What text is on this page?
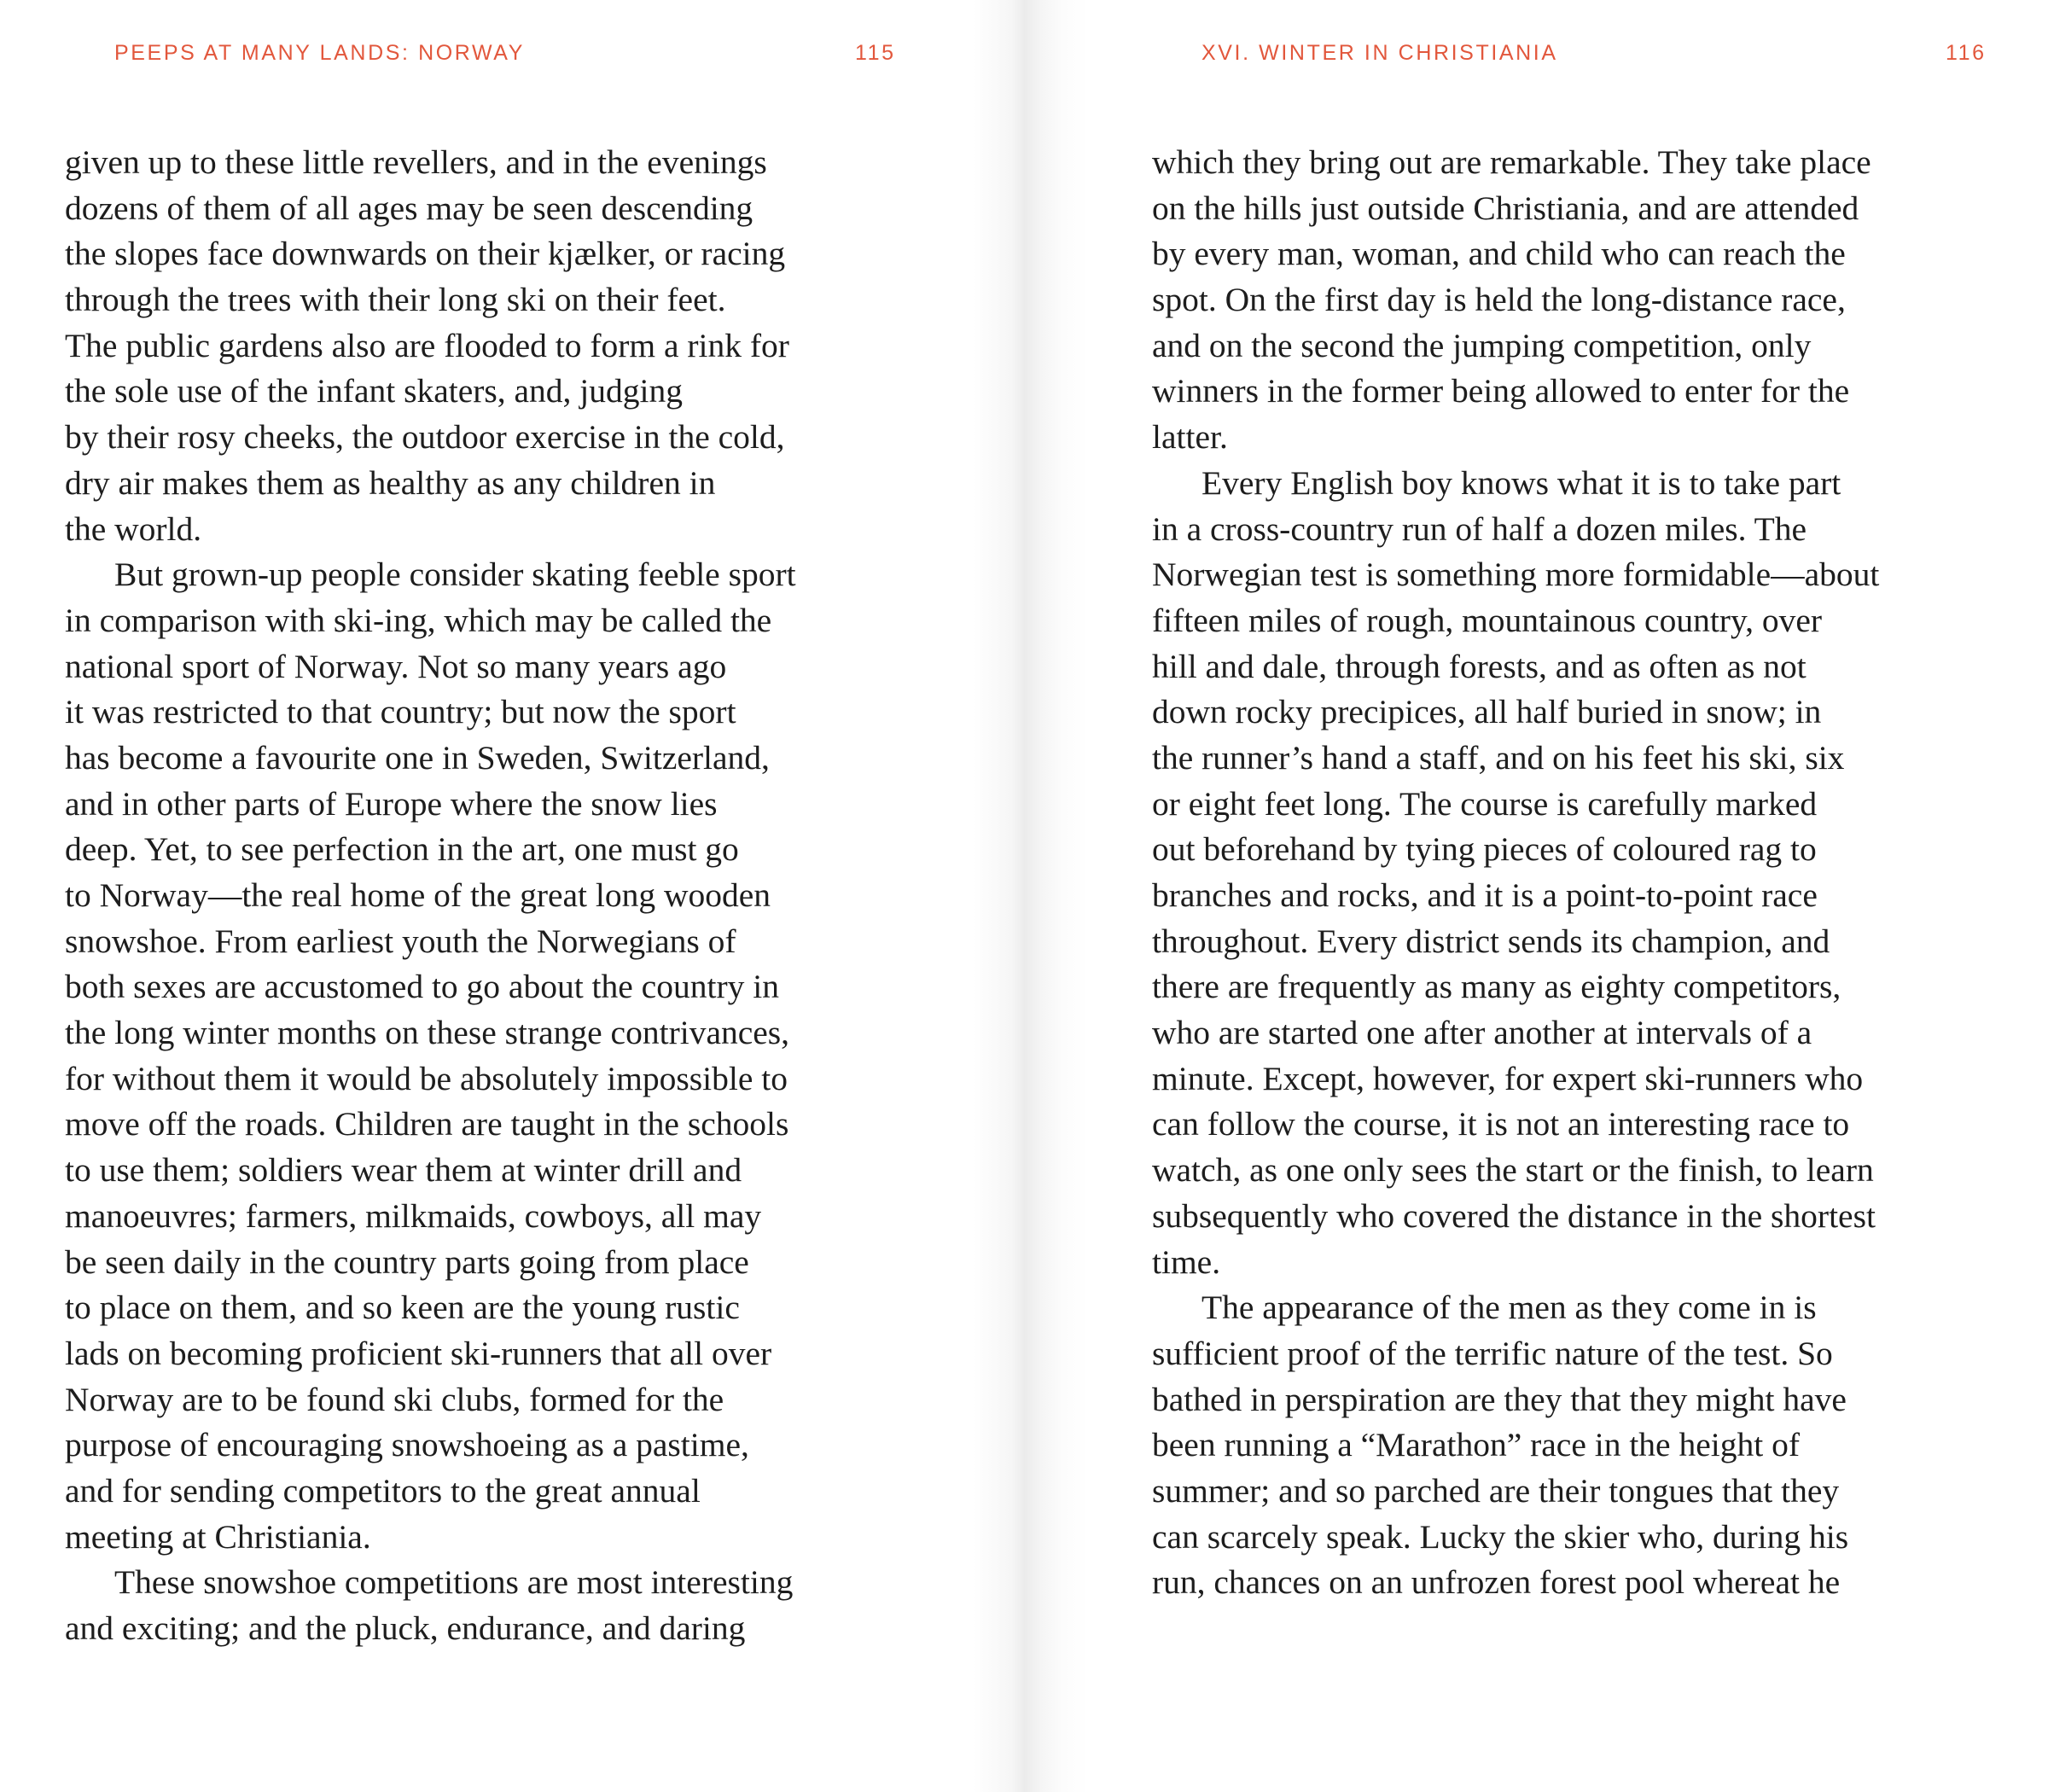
PEEPS AT MANY LANDS: NORWAY	115
given up to these little revellers, and in the evenings
dozens of them of all ages may be seen descending
the slopes face downwards on their kjælker, or racing
through the trees with their long ski on their feet.
The public gardens also are flooded to form a rink for
the sole use of the infant skaters, and, judging
by their rosy cheeks, the outdoor exercise in the cold,
dry air makes them as healthy as any children in
the world.
But grown-up people consider skating feeble sport
in comparison with ski-ing, which may be called the
national sport of Norway. Not so many years ago
it was restricted to that country; but now the sport
has become a favourite one in Sweden, Switzerland,
and in other parts of Europe where the snow lies
deep. Yet, to see perfection in the art, one must go
to Norway—the real home of the great long wooden
snowshoe. From earliest youth the Norwegians of
both sexes are accustomed to go about the country in
the long winter months on these strange contrivances,
for without them it would be absolutely impossible to
move off the roads. Children are taught in the schools
to use them; soldiers wear them at winter drill and
manoeuvres; farmers, milkmaids, cowboys, all may
be seen daily in the country parts going from place
to place on them, and so keen are the young rustic
lads on becoming proficient ski-runners that all over
Norway are to be found ski clubs, formed for the
purpose of encouraging snowshoeing as a pastime,
and for sending competitors to the great annual
meeting at Christiania.
These snowshoe competitions are most interesting
and exciting; and the pluck, endurance, and daring
XVI. WINTER IN CHRISTIANIA	116
which they bring out are remarkable. They take place
on the hills just outside Christiania, and are attended
by every man, woman, and child who can reach the
spot. On the first day is held the long-distance race,
and on the second the jumping competition, only
winners in the former being allowed to enter for the
latter.
Every English boy knows what it is to take part
in a cross-country run of half a dozen miles. The
Norwegian test is something more formidable—about
fifteen miles of rough, mountainous country, over
hill and dale, through forests, and as often as not
down rocky precipices, all half buried in snow; in
the runner’s hand a staff, and on his feet his ski, six
or eight feet long. The course is carefully marked
out beforehand by tying pieces of coloured rag to
branches and rocks, and it is a point-to-point race
throughout. Every district sends its champion, and
there are frequently as many as eighty competitors,
who are started one after another at intervals of a
minute. Except, however, for expert ski-runners who
can follow the course, it is not an interesting race to
watch, as one only sees the start or the finish, to learn
subsequently who covered the distance in the shortest
time.
The appearance of the men as they come in is
sufficient proof of the terrific nature of the test. So
bathed in perspiration are they that they might have
been running a “Marathon” race in the height of
summer; and so parched are their tongues that they
can scarcely speak. Lucky the skier who, during his
run, chances on an unfrozen forest pool whereat he
